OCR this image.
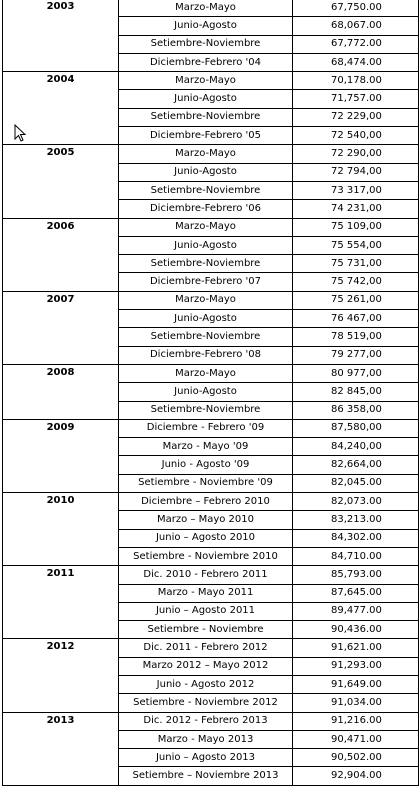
2003	Marzo-Mayo	67,750.00
	Junio-Agosto	68,067.00
	Setiembre-Noviembre	67,772.00
	Diciembre-Febrero '04	68,474.00
2004	Marzo-Mayo	70,178.00
	Junio-Agosto	71,757.00
	Setiembre-Noviembre	72 229,00
	Diciembre-Febrero '05	72 540,00
2005	Marzo-Mayo	72 290,00
	Junio-Agosto	72 794,00
	Setiembre-Noviembre	73 317,00
	Diciembre-Febrero '06	74 231,00
2006	Marzo-Mayo	75 109,00
	Junio-Agosto	75 554,00
	Setiembre-Noviembre	75 731,00
	Diciembre-Febrero '07	75 742,00
2007	Marzo-Mayo	75 261,00
	Junio-Agosto	76 467,00
	Setiembre-Noviembre	78 519,00
	Diciembre-Febrero '08	79 277,00
2008	Marzo-Mayo	80 977,00
	Junio-Agosto	82 845,00
	Setiembre-Noviembre	86 358,00
2009	Diciembre - Febrero '09	87,580,00
	Marzo - Mayo '09	84,240,00
	Junio - Agosto '09	82,664,00
	Setiembre - Noviembre '09	82,045.00
2010	Diciembre – Febrero 2010	82,073.00
	Marzo – Mayo 2010	83,213.00
	Junio – Agosto 2010	84,302.00
	Setiembre - Noviembre 2010	84,710.00
2011	Dic. 2010 - Febrero 2011	85,793.00
	Marzo - Mayo 2011	87,645.00
	Junio – Agosto 2011	89,477.00
	Setiembre - Noviembre	90,436.00
2012	Dic. 2011 - Febrero 2012	91,621.00
	Marzo 2012 – Mayo 2012	91,293.00
	Junio - Agosto 2012	91,649.00
	Setiembre - Noviembre 2012	91,034.00
2013	Dic. 2012 - Febrero 2013	91,216.00
	Marzo - Mayo 2013	90,471.00
	Junio – Agosto 2013	90,502.00
	Setiembre – Noviembre 2013	92,904.00
